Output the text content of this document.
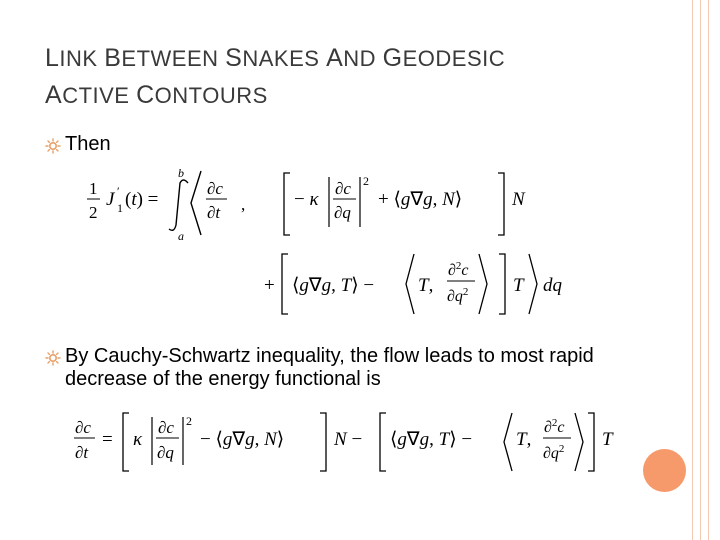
LINK BETWEEN SNAKES AND GEODESIC
ACTIVE CONTOURS
Then
1
2
J ′
1 (t) =
b
a
∂c
∂t ,	− κ
∂c
∂q
2
+ ⟨g∇g, N⟩	N
+ ⟨g∇g, T⟩ − T,
∂$^2$c
$\partial q^2$ T dq
By Cauchy-Schwartz inequality, the flow leads to most rapid decrease of the energy functional is
∂c
∂t
= κ
∂c
∂q
2
− ⟨g∇g, N⟩	N − ⟨g∇g, T⟩ − T,
∂$^2$c
$\partial q^2$ T
